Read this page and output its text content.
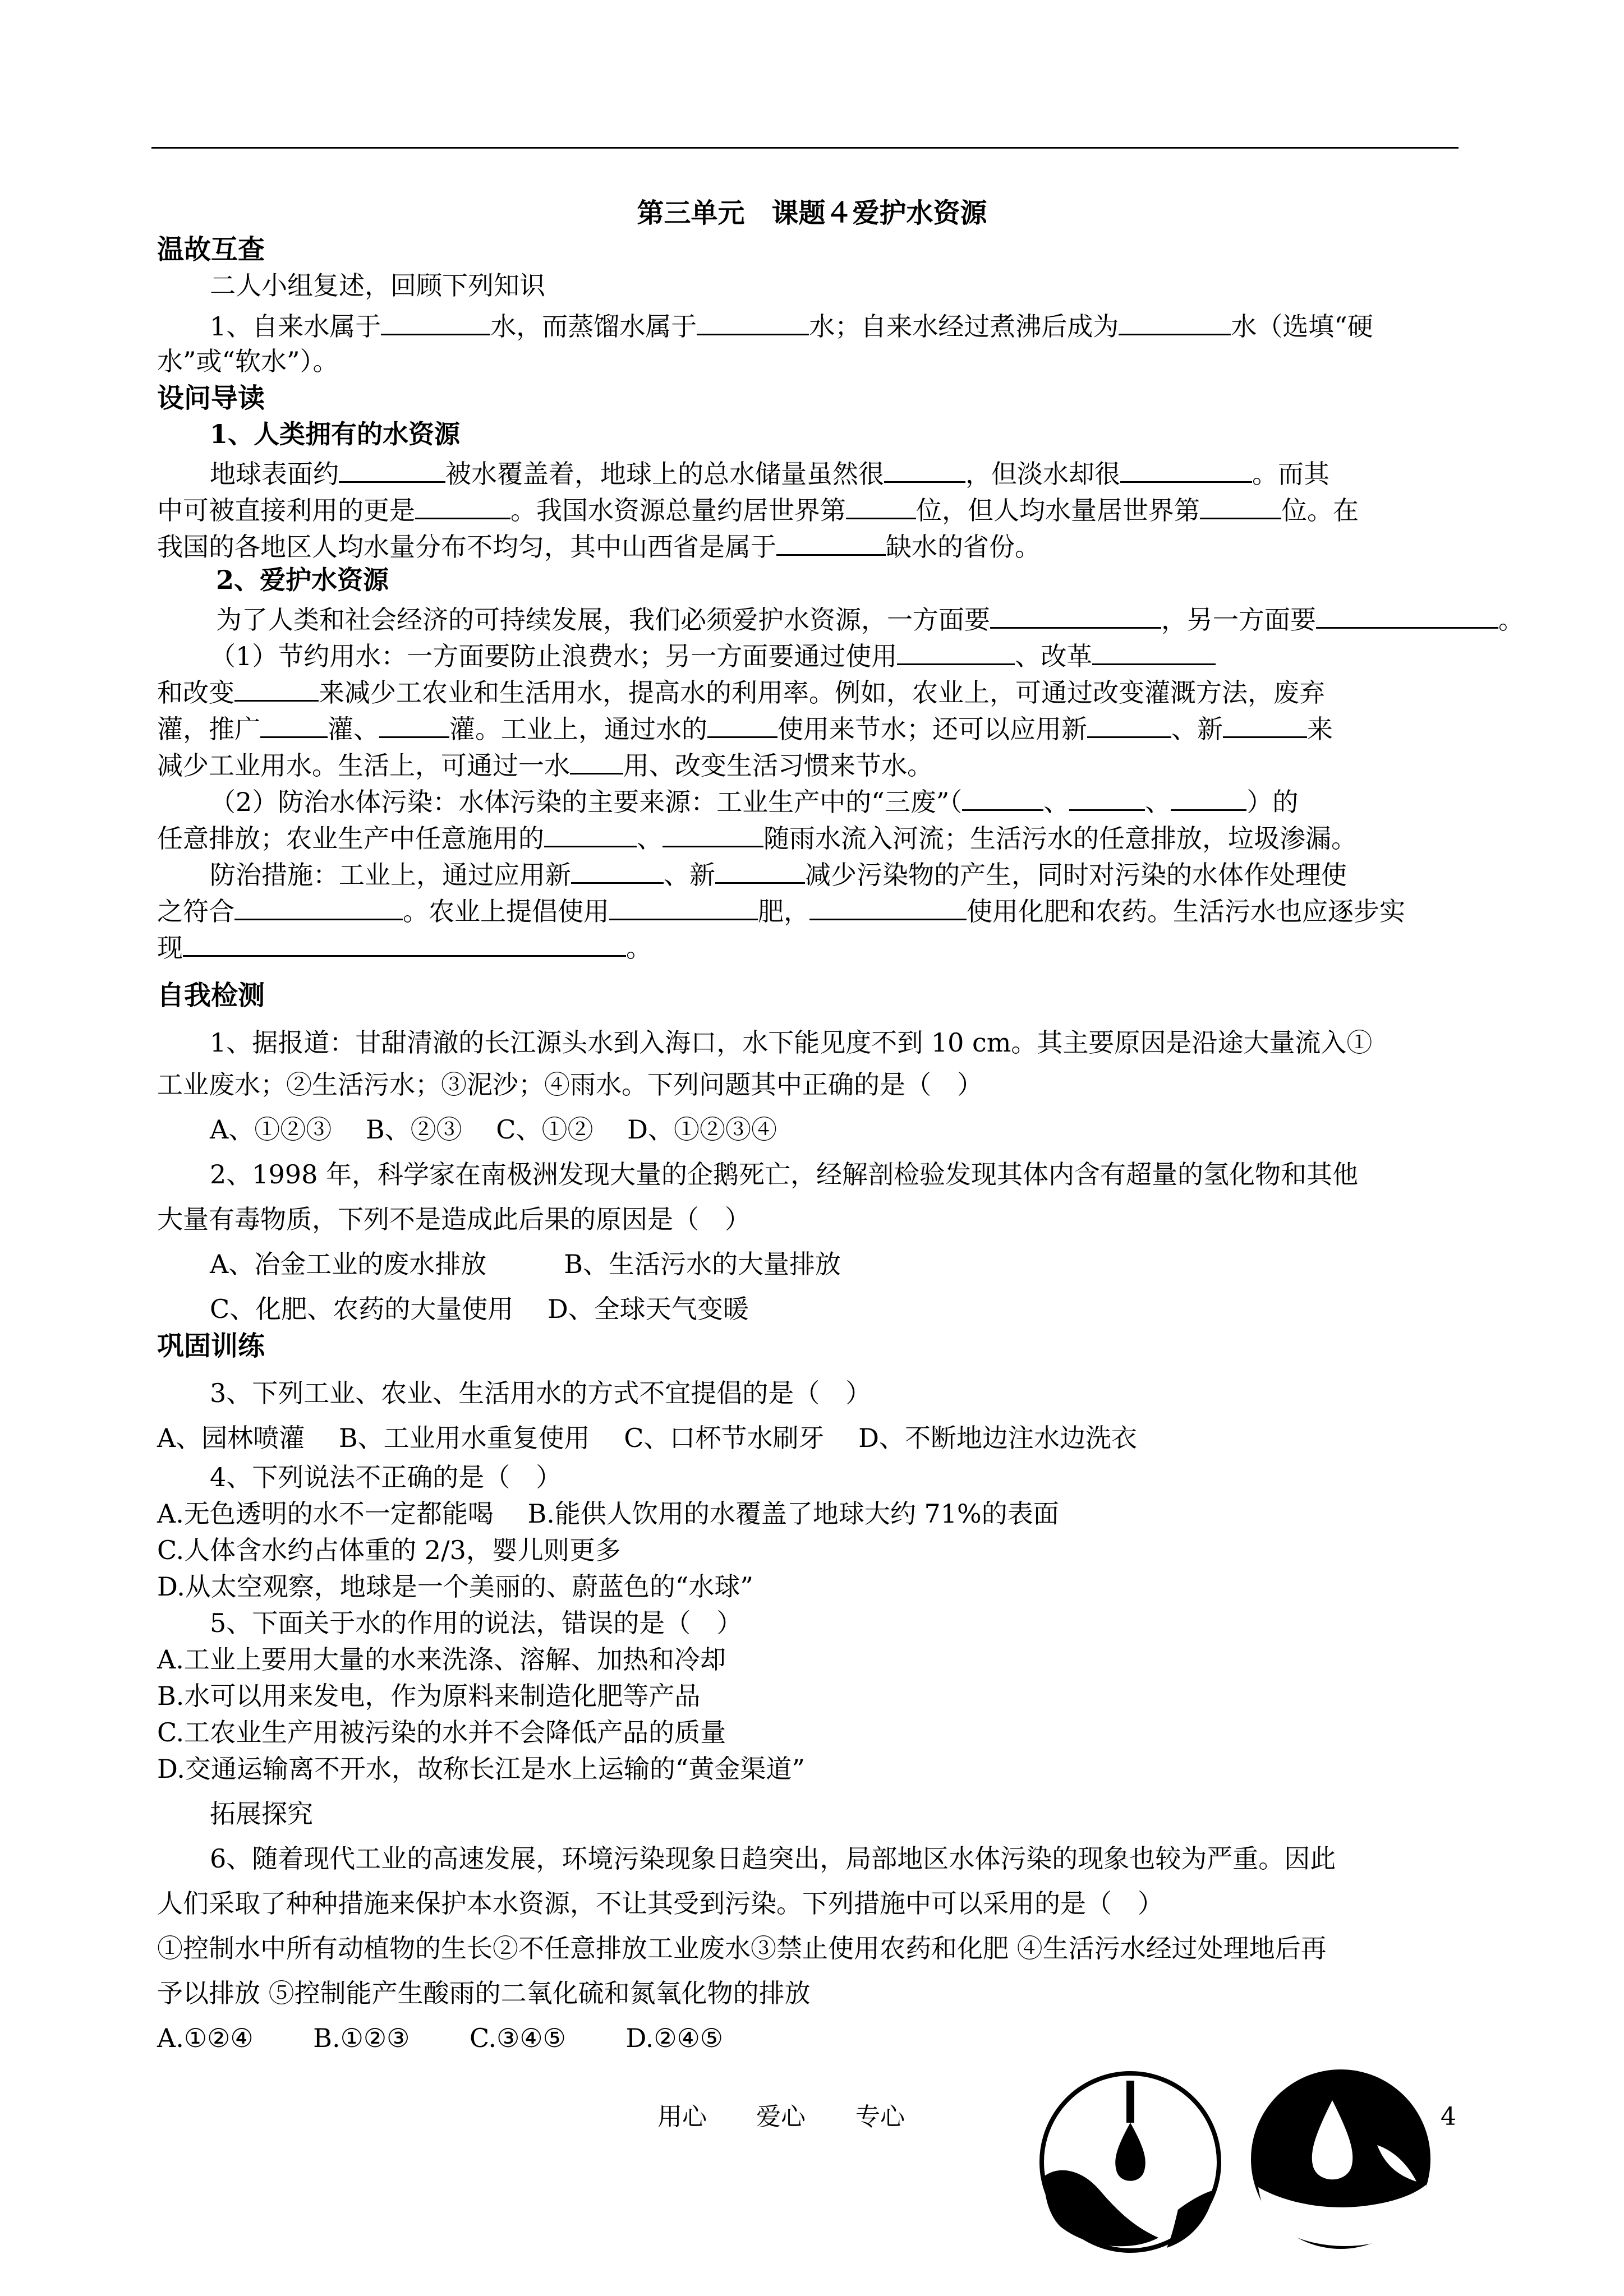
第三单元　课题４爱护水资源
温故互查
二人小组复述，回顾下列知识
1、自来水属于	水，而蒸馏水属于	水；自来水经过煮沸后成为	水（选填“硬
水”或“软水”）。
设问导读
1、人类拥有的水资源
地球表面约	被水覆盖着，地球上的总水储量虽然很	，但淡水却很	。而其
中可被直接利用的更是	。我国水资源总量约居世界第	位，但人均水量居世界第	位。在
我国的各地区人均水量分布不均匀，其中山西省是属于	缺水的省份。
2、爱护水资源
为了人类和社会经济的可持续发展，我们必须爱护水资源，一方面要	，另一方面要	。
（1）节约用水：一方面要防止浪费水；另一方面要通过使用	、改革
和改变	来减少工农业和生活用水，提高水的利用率。例如，农业上，可通过改变灌溉方法，废弃
灌，推广	灌、	灌。工业上，通过水的	使用来节水；还可以应用新	、新	来
减少工业用水。生活上，可通过一水 用、改变生活习惯来节水。
（2）防治水体污染：水体污染的主要来源：工业生产中的“三废”（	、	、	）的
任意排放；农业生产中任意施用的	、	随雨水流入河流；生活污水的任意排放，垃圾渗漏。
防治措施：工业上，通过应用新	、新	减少污染物的产生，同时对污染的水体作处理使
之符合	。农业上提倡使用	肥，	使用化肥和农药。生活污水也应逐步实
现	。
自我检测
1、据报道：甘甜清澈的长江源头水到入海口，水下能见度不到 10 cm。其主要原因是沿途大量流入①
工业废水；②生活污水；③泥沙；④雨水。下列问题其中正确的是（　）
A、①②③　 B、②③　 C、①②　 D、①②③④
2、1998 年，科学家在南极洲发现大量的企鹅死亡，经解剖检验发现其体内含有超量的氢化物和其他
大量有毒物质，下列不是造成此后果的原因是（　）
A、冶金工业的废水排放　　　B、生活污水的大量排放
C、化肥、农药的大量使用　 D、全球天气变暖
巩固训练
3、下列工业、农业、生活用水的方式不宜提倡的是（　）
A、园林喷灌　 B、工业用水重复使用　 C、口杯节水刷牙　 D、不断地边注水边洗衣
4、下列说法不正确的是（　）
A.无色透明的水不一定都能喝　 B.能供人饮用的水覆盖了地球大约 71%的表面
C.人体含水约占体重的 2/3，婴儿则更多
D.从太空观察，地球是一个美丽的、蔚蓝色的“水球”
5、下面关于水的作用的说法，错误的是（　）
A.工业上要用大量的水来洗涤、溶解、加热和冷却
B.水可以用来发电，作为原料来制造化肥等产品
C.工农业生产用被污染的水并不会降低产品的质量
D.交通运输离不开水，故称长江是水上运输的“黄金渠道”
拓展探究
6、随着现代工业的高速发展，环境污染现象日趋突出，局部地区水体污染的现象也较为严重。因此
人们采取了种种措施来保护本水资源，不让其受到污染。下列措施中可以采用的是（　）
①控制水中所有动植物的生长②不任意排放工业废水③禁止使用农药和化肥 ④生活污水经过处理地后再
予以排放 ⑤控制能产生酸雨的二氧化硫和氮氧化物的排放
A.①②④　　 B.①②③　　 C.③④⑤　　 D.②④⑤
用心 爱心 专心	4
